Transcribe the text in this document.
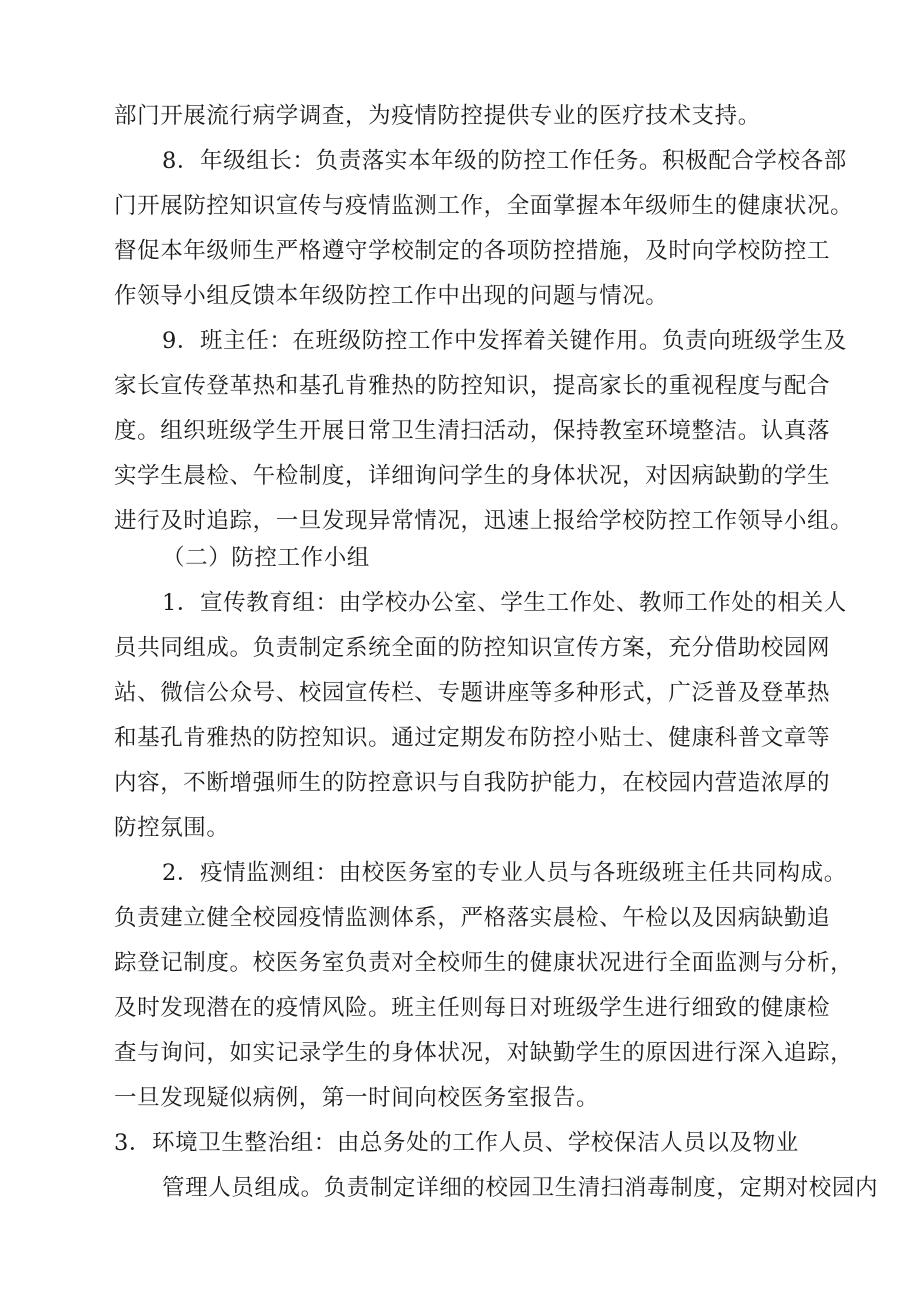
部门开展流行病学调查，为疫情防控提供专业的医疗技术支持。
8．年级组长：负责落实本年级的防控工作任务。积极配合学校各部
门开展防控知识宣传与疫情监测工作，全面掌握本年级师生的健康状况。
督促本年级师生严格遵守学校制定的各项防控措施，及时向学校防控工
作领导小组反馈本年级防控工作中出现的问题与情况。
9．班主任：在班级防控工作中发挥着关键作用。负责向班级学生及
家长宣传登革热和基孔肯雅热的防控知识，提高家长的重视程度与配合
度。组织班级学生开展日常卫生清扫活动，保持教室环境整洁。认真落
实学生晨检、午检制度，详细询问学生的身体状况，对因病缺勤的学生
进行及时追踪，一旦发现异常情况，迅速上报给学校防控工作领导小组。
（二）防控工作小组
1．宣传教育组：由学校办公室、学生工作处、教师工作处的相关人
员共同组成。负责制定系统全面的防控知识宣传方案，充分借助校园网
站、微信公众号、校园宣传栏、专题讲座等多种形式，广泛普及登革热
和基孔肯雅热的防控知识。通过定期发布防控小贴士、健康科普文章等
内容，不断增强师生的防控意识与自我防护能力，在校园内营造浓厚的
防控氛围。
2．疫情监测组：由校医务室的专业人员与各班级班主任共同构成。
负责建立健全校园疫情监测体系，严格落实晨检、午检以及因病缺勤追
踪登记制度。校医务室负责对全校师生的健康状况进行全面监测与分析，
及时发现潜在的疫情风险。班主任则每日对班级学生进行细致的健康检
查与询问，如实记录学生的身体状况，对缺勤学生的原因进行深入追踪，
一旦发现疑似病例，第一时间向校医务室报告。
3．环境卫生整治组：由总务处的工作人员、学校保洁人员以及物业
管理人员组成。负责制定详细的校园卫生清扫消毒制度，定期对校园内
